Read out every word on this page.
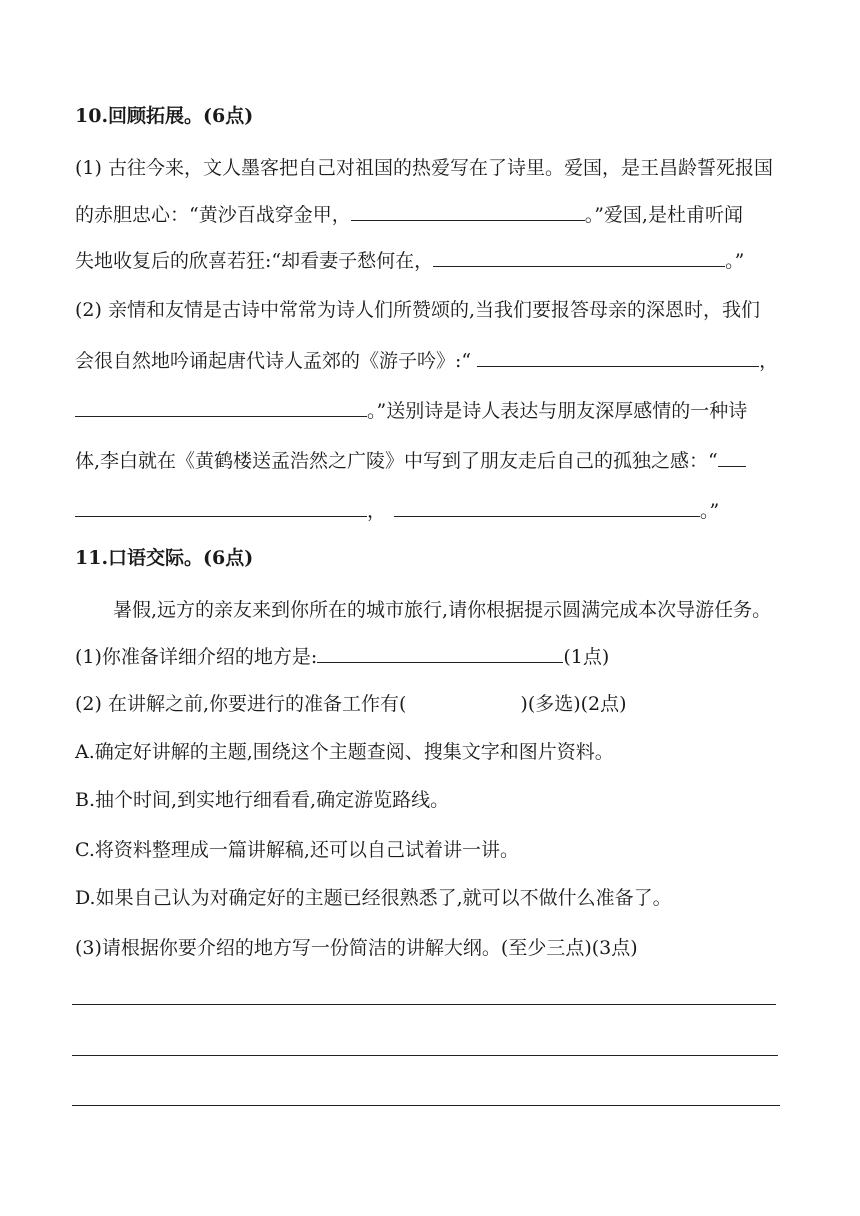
10.回顾拓展。(6点)
(1) 古往今来，文人墨客把自己对祖国的热爱写在了诗里。爱国，是王昌龄誓死报国
的赤胆忠心：“黄沙百战穿金甲，	。”爱国,是杜甫听闻
失地收复后的欣喜若狂:“却看妻子愁何在，	。”
(2) 亲情和友情是古诗中常常为诗人们所赞颂的,当我们要报答母亲的深恩时，我们
会很自然地吟诵起唐代诗人孟郊的《游子吟》:“	，
。”送别诗是诗人表达与朋友深厚感情的一种诗
体,李白就在《黄鹤楼送孟浩然之广陵》中写到了朋友走后自己的孤独之感：“
，	。”
11.口语交际。(6点)
暑假,远方的亲友来到你所在的城市旅行,请你根据提示圆满完成本次导游任务。
(1)你准备详细介绍的地方是:	(1点)
(2) 在讲解之前,你要进行的准备工作有(	)(多选)(2点)
A.确定好讲解的主题,围绕这个主题查阅、搜集文字和图片资料。
B.抽个时间,到实地行细看看,确定游览路线。
C.将资料整理成一篇讲解稿,还可以自己试着讲一讲。
D.如果自己认为对确定好的主题已经很熟悉了,就可以不做什么准备了。
(3)请根据你要介绍的地方写一份简洁的讲解大纲。(至少三点)(3点)
